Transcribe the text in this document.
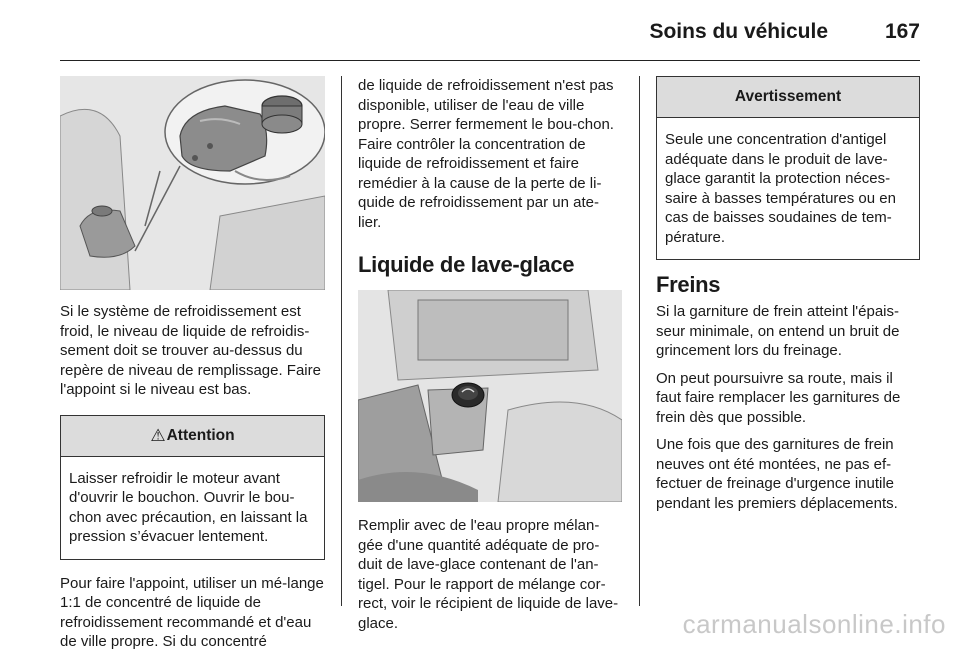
Soins du véhicule	167

Si le système de refroidissement est froid, le niveau de liquide de refroidis-sement doit se trouver au-dessus du repère de niveau de remplissage. Faire l'appoint si le niveau est bas.

⚠Attention
Laisser refroidir le moteur avant d'ouvrir le bouchon. Ouvrir le bou-chon avec précaution, en laissant la pression s’évacuer lentement.

Pour faire l'appoint, utiliser un mé-lange 1:1 de concentré de liquide de refroidissement recommandé et d'eau de ville propre. Si du concentré

de liquide de refroidissement n'est pas disponible, utiliser de l'eau de ville propre. Serrer fermement le bou-chon. Faire contrôler la concentration de liquide de refroidissement et faire remédier à la cause de la perte de li-quide de refroidissement par un ate-lier.

Liquide de lave-glace

Remplir avec de l'eau propre mélan-gée d'une quantité adéquate de pro-duit de lave-glace contenant de l'an-tigel. Pour le rapport de mélange cor-rect, voir le récipient de liquide de lave-glace.

Avertissement
Seule une concentration d'antigel adéquate dans le produit de lave-glace garantit la protection néces-saire à basses températures ou en cas de baisses soudaines de tem-pérature.
Freins

Si la garniture de frein atteint l'épais-seur minimale, on entend un bruit de grincement lors du freinage.

On peut poursuivre sa route, mais il faut faire remplacer les garnitures de frein dès que possible.

Une fois que des garnitures de frein neuves ont été montées, ne pas ef-fectuer de freinage d'urgence inutile pendant les premiers déplacements.

carmanualsonline.info
